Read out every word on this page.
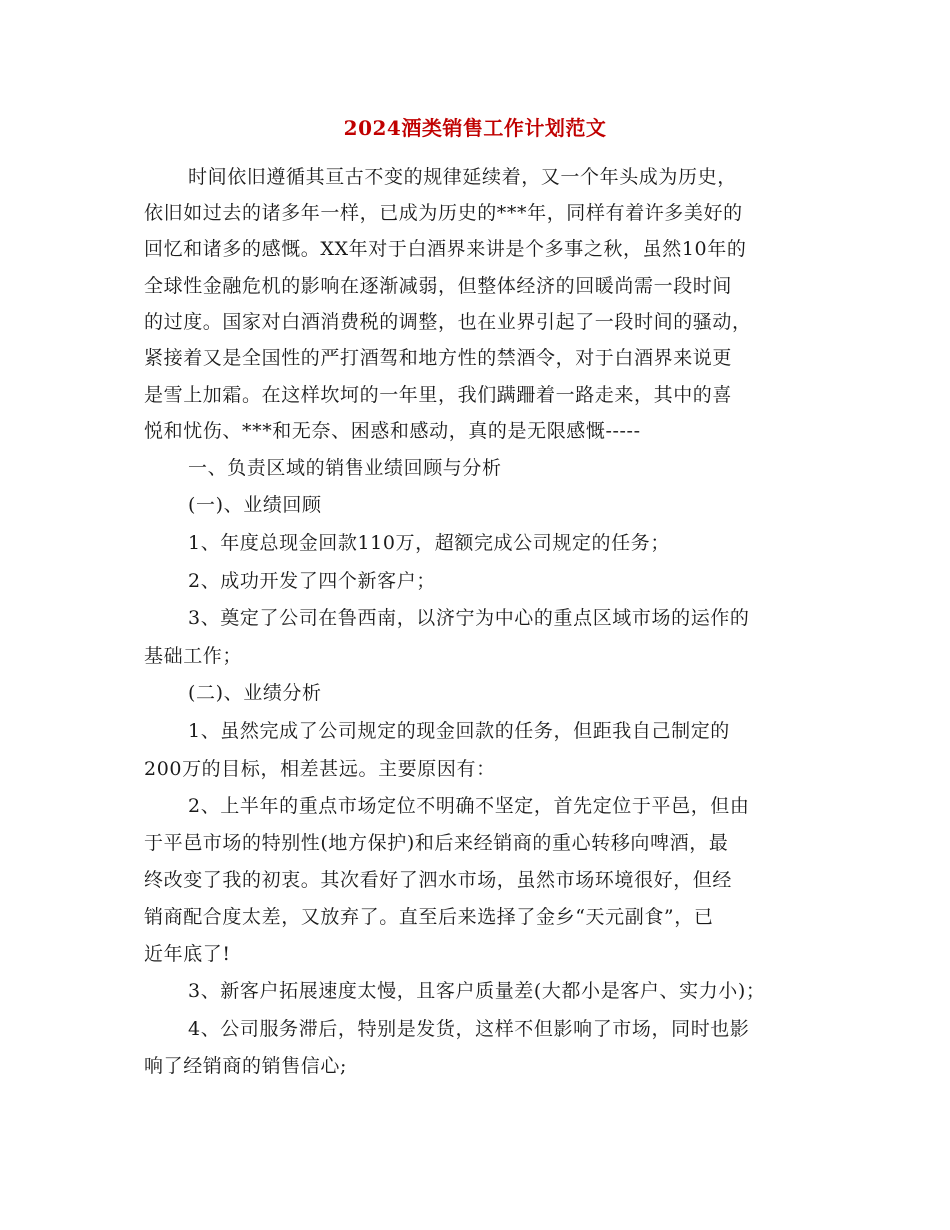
2024酒类销售工作计划范文
时间依旧遵循其亘古不变的规律延续着，又一个年头成为历史，
依旧如过去的诸多年一样，已成为历史的***年，同样有着许多美好的
回忆和诸多的感慨。XX年对于白酒界来讲是个多事之秋，虽然10年的
全球性金融危机的影响在逐渐减弱，但整体经济的回暖尚需一段时间
的过度。国家对白酒消费税的调整，也在业界引起了一段时间的骚动，
紧接着又是全国性的严打酒驾和地方性的禁酒令，对于白酒界来说更
是雪上加霜。在这样坎坷的一年里，我们蹒跚着一路走来，其中的喜
悦和忧伤、***和无奈、困惑和感动，真的是无限感慨-----
一、负责区域的销售业绩回顾与分析
(一)、业绩回顾
1、年度总现金回款110万，超额完成公司规定的任务；
2、成功开发了四个新客户；
3、奠定了公司在鲁西南，以济宁为中心的重点区域市场的运作的
基础工作；
(二)、业绩分析
1、虽然完成了公司规定的现金回款的任务，但距我自己制定的
200万的目标，相差甚远。主要原因有：
2、上半年的重点市场定位不明确不坚定，首先定位于平邑，但由
于平邑市场的特别性(地方保护)和后来经销商的重心转移向啤酒，最
终改变了我的初衷。其次看好了泗水市场，虽然市场环境很好，但经
销商配合度太差，又放弃了。直至后来选择了金乡“天元副食”，已
近年底了!
3、新客户拓展速度太慢，且客户质量差(大都小是客户、实力小)；
4、公司服务滞后，特别是发货，这样不但影响了市场，同时也影
响了经销商的销售信心;
